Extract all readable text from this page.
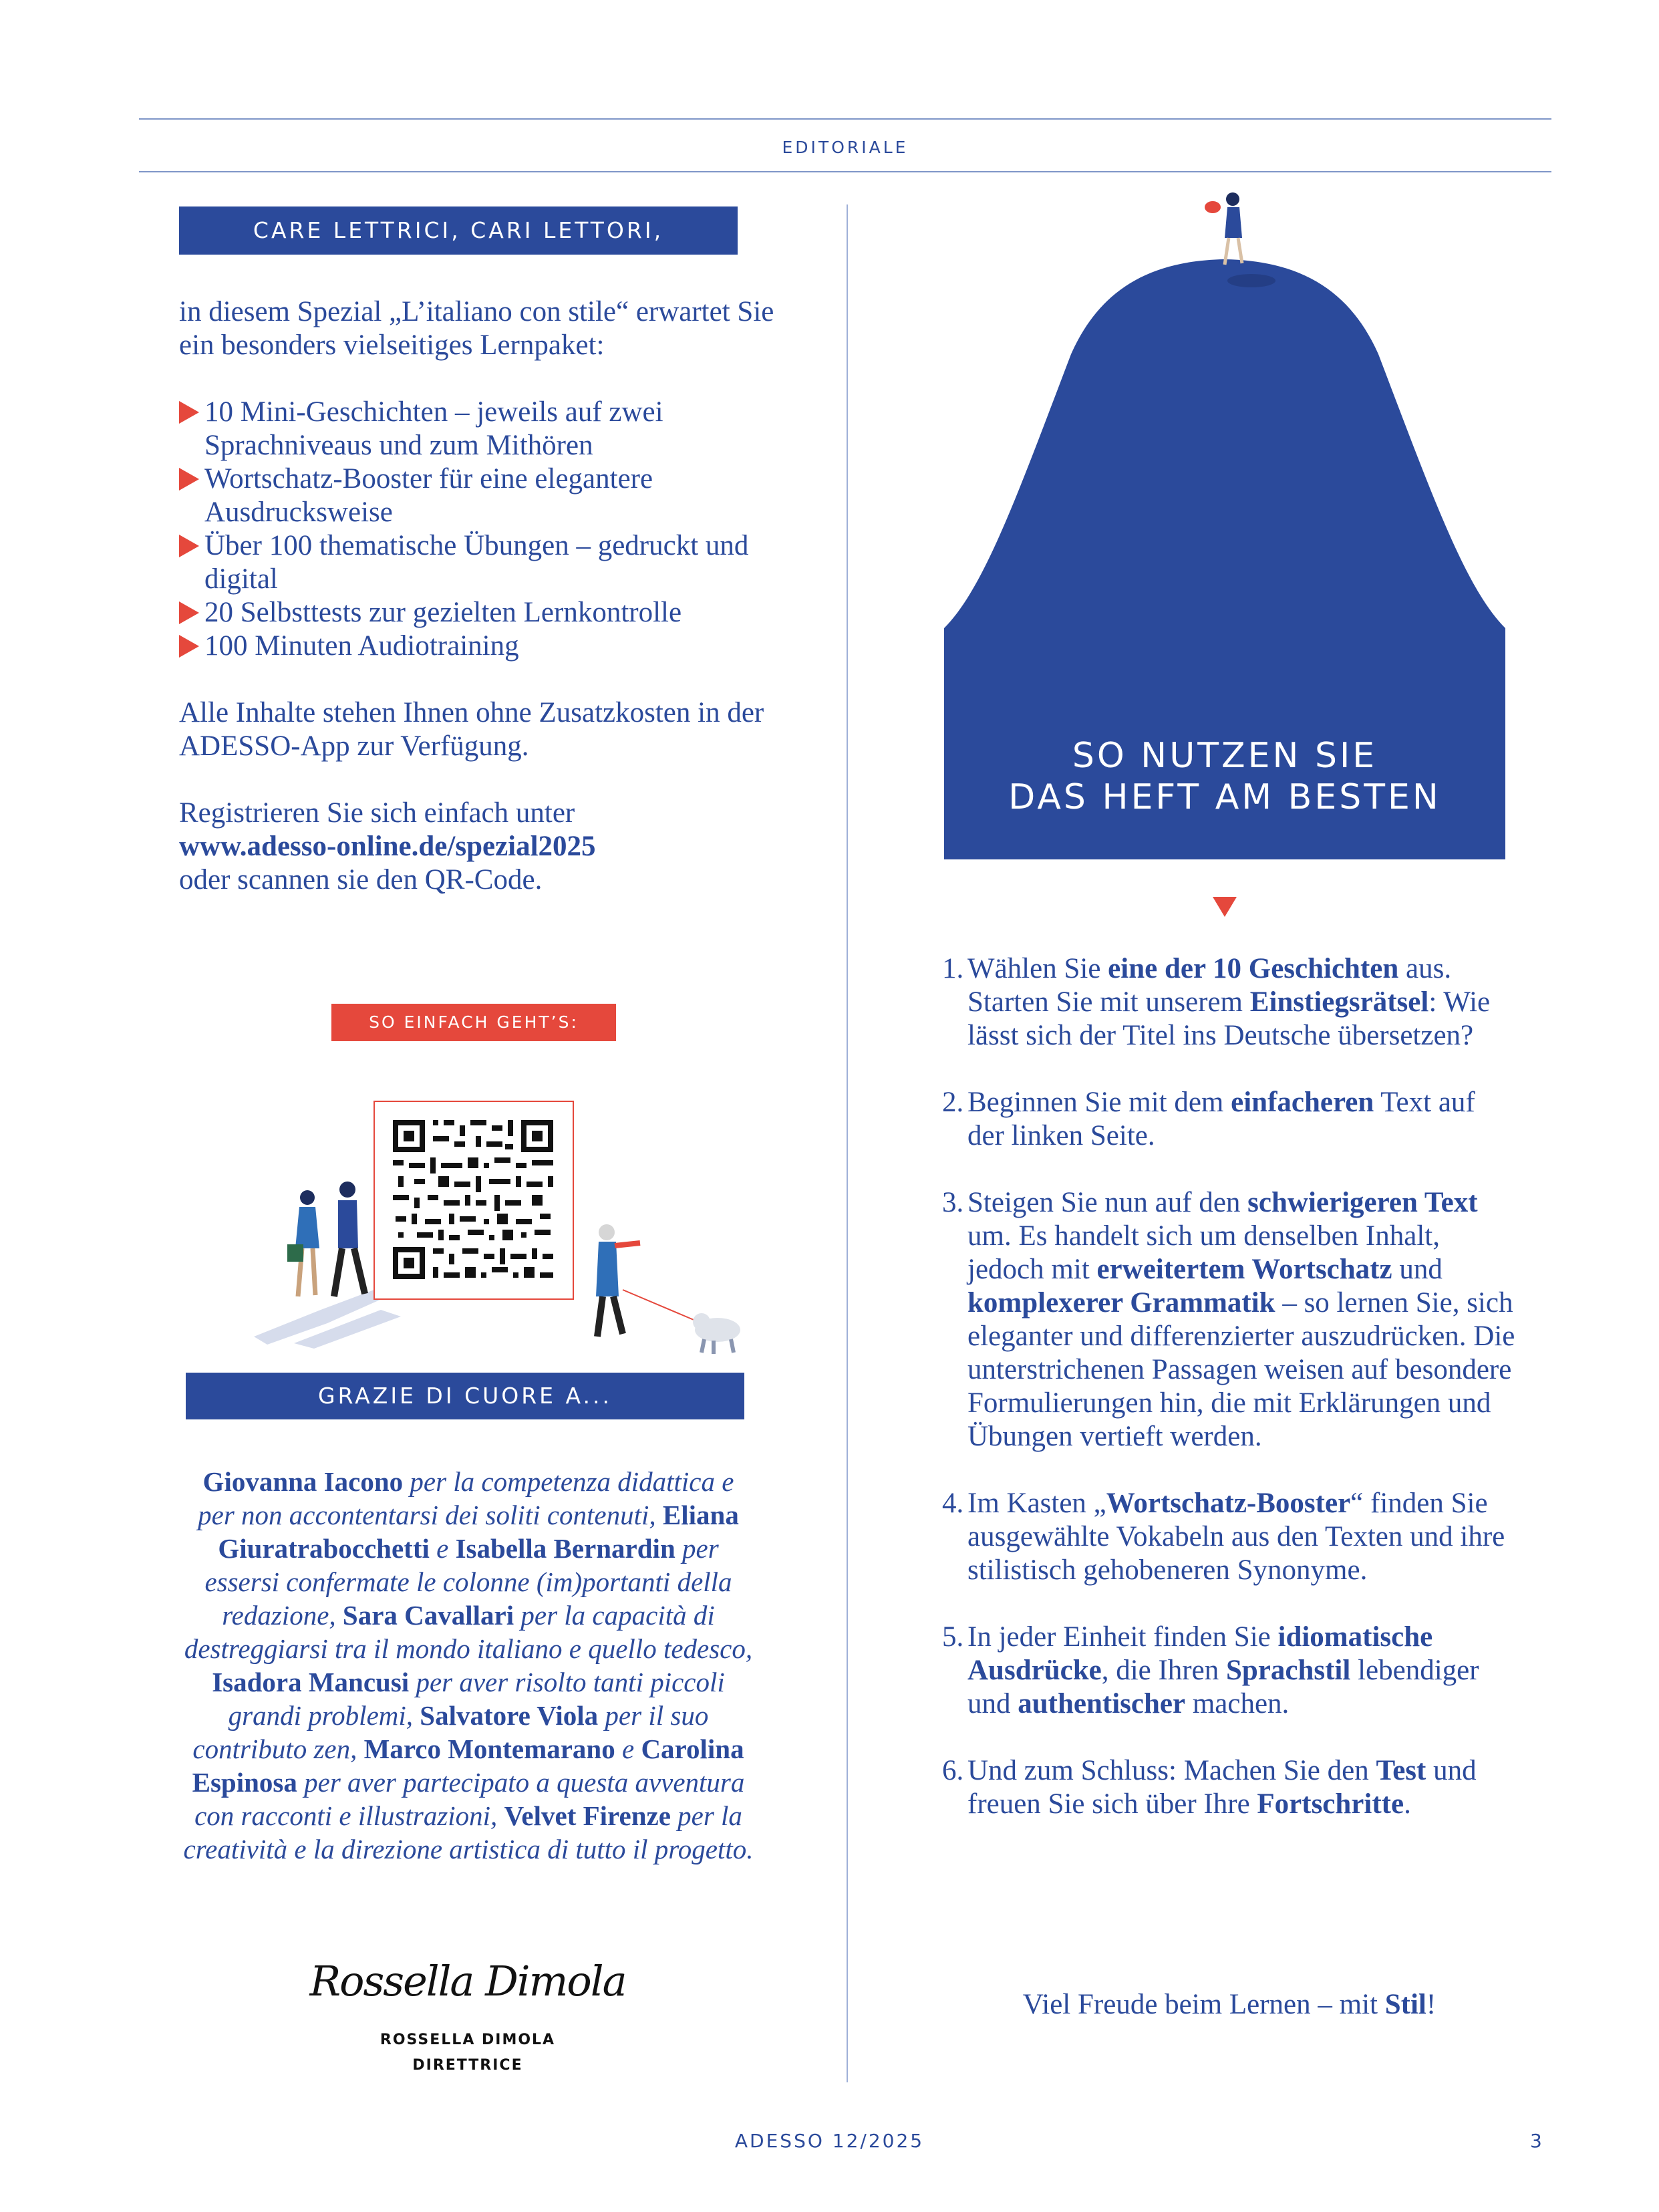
EDITORIALE
CARE LETTRICI, CARI LETTORI,

in diesem Spezial „L’italiano con stile“ erwartet Sie ein besonders vielseitiges Lernpaket:

10 Mini-Geschichten – jeweils auf zwei Sprachniveaus und zum Mithören
Wortschatz-Booster für eine elegantere Ausdrucksweise
Über 100 thematische Übungen – gedruckt und digital
20 Selbsttests zur gezielten Lernkontrolle
100 Minuten Audiotraining

Alle Inhalte stehen Ihnen ohne Zusatzkosten in der ADESSO-App zur Verfügung.

Registrieren Sie sich einfach unter
www.adesso-online.de/spezial2025
oder scannen sie den QR-Code.

SO EINFACH GEHT’S:
GRAZIE DI CUORE A...
Giovanna Iacono per la competenza didattica e per non accontentarsi dei soliti contenuti, Eliana Giuratrabocchetti e Isabella Bernardin per essersi confermate le colonne (im)portanti della redazione, Sara Cavallari per la capacità di destreggiarsi tra il mondo italiano e quello tedesco, Isadora Mancusi per aver risolto tanti piccoli grandi problemi, Salvatore Viola per il suo contributo zen, Marco Montemarano e Carolina Espinosa per aver partecipato a questa avventura con racconti e illustrazioni, Velvet Firenze per la creatività e la direzione artistica di tutto il progetto.
Rossella Dimola
ROSSELLA DIMOLA
DIRETTRICE
SO NUTZEN SIE
DAS HEFT AM BESTEN
1. Wählen Sie eine der 10 Geschichten aus. Starten Sie mit unserem Einstiegsrätsel: Wie lässt sich der Titel ins Deutsche übersetzen?
2. Beginnen Sie mit dem einfacheren Text auf der linken Seite.
3. Steigen Sie nun auf den schwierigeren Text um. Es handelt sich um denselben Inhalt, jedoch mit erweitertem Wortschatz und komplexerer Grammatik – so lernen Sie, sich eleganter und differenzierter auszudrücken. Die unterstrichenen Passagen weisen auf besondere Formulierungen hin, die mit Erklärungen und Übungen vertieft werden.
4. Im Kasten „Wortschatz-Booster“ finden Sie ausgewählte Vokabeln aus den Texten und ihre stilistisch gehobeneren Synonyme.
5. In jeder Einheit finden Sie idiomatische Ausdrücke, die Ihren Sprachstil lebendiger und authentischer machen.
6. Und zum Schluss: Machen Sie den Test und freuen Sie sich über Ihre Fortschritte.
Viel Freude beim Lernen – mit Stil!
ADESSO 12/2025	3
